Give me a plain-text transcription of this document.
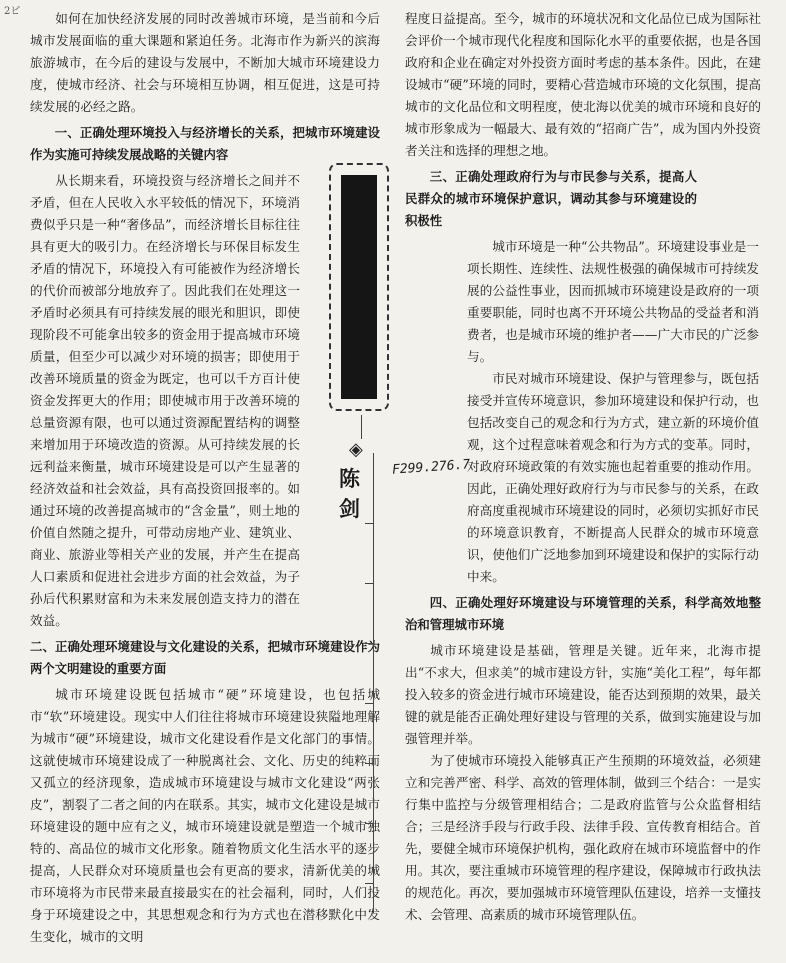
2ピ	如何在加快经济发展的同时改善城市环境，是当前和今后城市发展面临的重大课题和紧迫任务。北海市作为新兴的滨海旅游城市，在今后的建设与发展中，不断加大城市环境建设力度，使城市经济、社会与环境相互协调，相互促进，这是可持续发展的必经之路。

一、正确处理环境投入与经济增长的关系，把城市环境建设作为实施可持续发展战略的关键内容

从长期来看，环境投资与经济增长之间并不矛盾，但在人民收入水平较低的情况下，环境消费似乎只是一种“奢侈品”，而经济增长目标往往具有更大的吸引力。在经济增长与环保目标发生矛盾的情况下，环境投入有可能被作为经济增长的代价而被部分地放弃了。因此我们在处理这一矛盾时必须具有可持续发展的眼光和胆识，即使现阶段不可能拿出较多的资金用于提高城市环境质量，但至少可以减少对环境的损害；即使用于改善环境质量的资金为既定，也可以千方百计使资金发挥更大的作用；即使城市用于改善环境的总量资源有限，也可以通过资源配置结构的调整来增加用于环境改造的资源。从可持续发展的长远利益来衡量，城市环境建设是可以产生显著的经济效益和社会效益，具有高投资回报率的。如通过环境的改善提高城市的“含金量”，则土地的价值自然随之提升，可带动房地产业、建筑业、商业、旅游业等相关产业的发展，并产生在提高人口素质和促进社会进步方面的社会效益，为子孙后代积累财富和为未来发展创造支持力的潜在效益。

二、正确处理环境建设与文化建设的关系，把城市环境建设作为两个文明建设的重要方面

城市环境建设既包括城市“硬”环境建设，也包括城市“软”环境建设。现实中人们往往将城市环境建设狭隘地理解为城市“硬”环境建设，城市文化建设看作是文化部门的事情。这就使城市环境建设成了一种脱离社会、文化、历史的纯粹而又孤立的经济现象，造成城市环境建设与城市文化建设“两张皮”，割裂了二者之间的内在联系。其实，城市文化建设是城市环境建设的题中应有之义，城市环境建设就是塑造一个城市独特的、高品位的城市文化形象。随着物质文化生活水平的逐步提高，人民群众对环境质量也会有更高的要求，清新优美的城市环境将为市民带来最直接最实在的社会福利，同时，人们投身于环境建设之中，其思想观念和行为方式也在潜移默化中发生变化，城市的文明

◈
陈
剑
F299.276.7

程度日益提高。至今，城市的环境状况和文化品位已成为国际社会评价一个城市现代化程度和国际化水平的重要依据，也是各国政府和企业在确定对外投资方面时考虑的基本条件。因此，在建设城市“硬”环境的同时，要精心营造城市环境的文化氛围，提高城市的文化品位和文明程度，使北海以优美的城市环境和良好的城市形象成为一幅最大、最有效的“招商广告”，成为国内外投资者关注和选择的理想之地。

三、正确处理政府行为与市民参与关系，提高人民群众的城市环境保护意识，调动其参与环境建设的积极性

城市环境是一种“公共物品”。环境建设事业是一项长期性、连续性、法规性极强的确保城市可持续发展的公益性事业，因而抓城市环境建设是政府的一项重要职能，同时也离不开环境公共物品的受益者和消费者，也是城市环境的维护者——广大市民的广泛参与。

市民对城市环境建设、保护与管理参与，既包括接受并宣传环境意识，参加环境建设和保护行动，也包括改变自己的观念和行为方式，建立新的环境价值观，这个过程意味着观念和行为方式的变革。同时，对政府环境政策的有效实施也起着重要的推动作用。因此，正确处理好政府行为与市民参与的关系，在政府高度重视城市环境建设的同时，必须切实抓好市民的环境意识教育，不断提高人民群众的城市环境意识，使他们广泛地参加到环境建设和保护的实际行动中来。

四、正确处理好环境建设与环境管理的关系，科学高效地整治和管理城市环境

城市环境建设是基础，管理是关键。近年来，北海市提出“不求大，但求美”的城市建设方针，实施“美化工程”，每年都投入较多的资金进行城市环境建设，能否达到预期的效果，最关键的就是能否正确处理好建设与管理的关系，做到实施建设与加强管理并举。

为了使城市环境投入能够真正产生预期的环境效益，必须建立和完善严密、科学、高效的管理体制，做到三个结合：一是实行集中监控与分级管理相结合；二是政府监管与公众监督相结合；三是经济手段与行政手段、法律手段、宣传教育相结合。首先，要健全城市环境保护机构，强化政府在城市环境监督中的作用。其次，要注重城市环境管理的程序建设，保障城市行政执法的规范化。再次，要加强城市环境管理队伍建设，培养一支懂技术、会管理、高素质的城市环境管理队伍。
